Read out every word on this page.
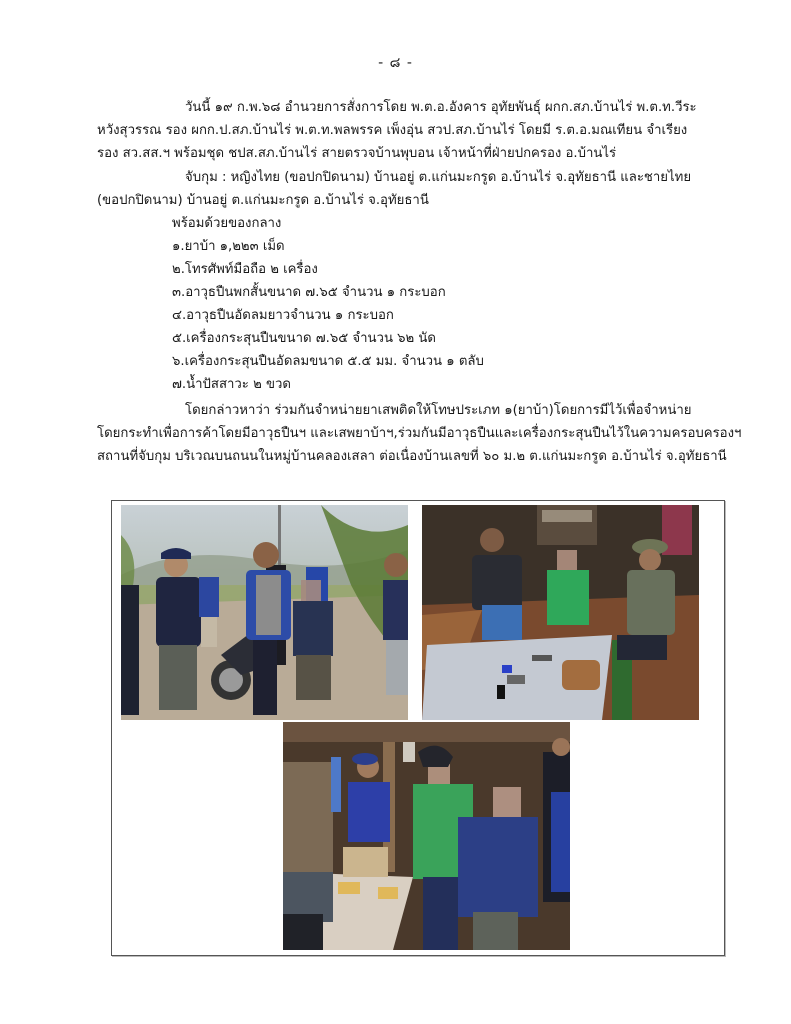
- ๘ -
วันนี้ ๑๙ ก.พ.๖๘ อำนวยการสั่งการโดย พ.ต.อ.อังคาร อุทัยพันธุ์ ผกก.สภ.บ้านไร่ พ.ต.ท.วีระ
หวังสุวรรณ รอง ผกก.ป.สภ.บ้านไร่ พ.ต.ท.พลพรรค เพ็งอุ่น สวป.สภ.บ้านไร่ โดยมี ร.ต.อ.มณเทียน จำเรียง
รอง สว.สส.ฯ พร้อมชุด ชปส.สภ.บ้านไร่ สายตรวจบ้านพุบอน เจ้าหน้าที่ฝ่ายปกครอง อ.บ้านไร่
จับกุม : หญิงไทย (ขอปกปิดนาม) บ้านอยู่ ต.แก่นมะกรูด อ.บ้านไร่ จ.อุทัยธานี และชายไทย
(ขอปกปิดนาม) บ้านอยู่ ต.แก่นมะกรูด อ.บ้านไร่ จ.อุทัยธานี
พร้อมด้วยของกลาง
๑.ยาบ้า ๑,๒๒๓ เม็ด
๒.โทรศัพท์มือถือ ๒ เครื่อง
๓.อาวุธปืนพกสั้นขนาด ๗.๖๕ จำนวน ๑ กระบอก
๔.อาวุธปืนอัดลมยาวจำนวน ๑ กระบอก
๕.เครื่องกระสุนปืนขนาด ๗.๖๕ จำนวน ๖๒ นัด
๖.เครื่องกระสุนปืนอัดลมขนาด ๕.๕ มม. จำนวน ๑ ตลับ
๗.น้ำปัสสาวะ ๒ ขวด
โดยกล่าวหาว่า ร่วมกันจำหน่ายยาเสพติดให้โทษประเภท ๑(ยาบ้า)โดยการมีไว้เพื่อจำหน่าย
โดยกระทำเพื่อการค้าโดยมีอาวุธปืนฯ และเสพยาบ้าฯ,ร่วมกันมีอาวุธปืนและเครื่องกระสุนปืนไว้ในความครอบครองฯ
สถานที่จับกุม บริเวณบนถนนในหมู่บ้านคลองเสลา ต่อเนื่องบ้านเลขที่ ๖๐ ม.๒ ต.แก่นมะกรูด อ.บ้านไร่ จ.อุทัยธานี
